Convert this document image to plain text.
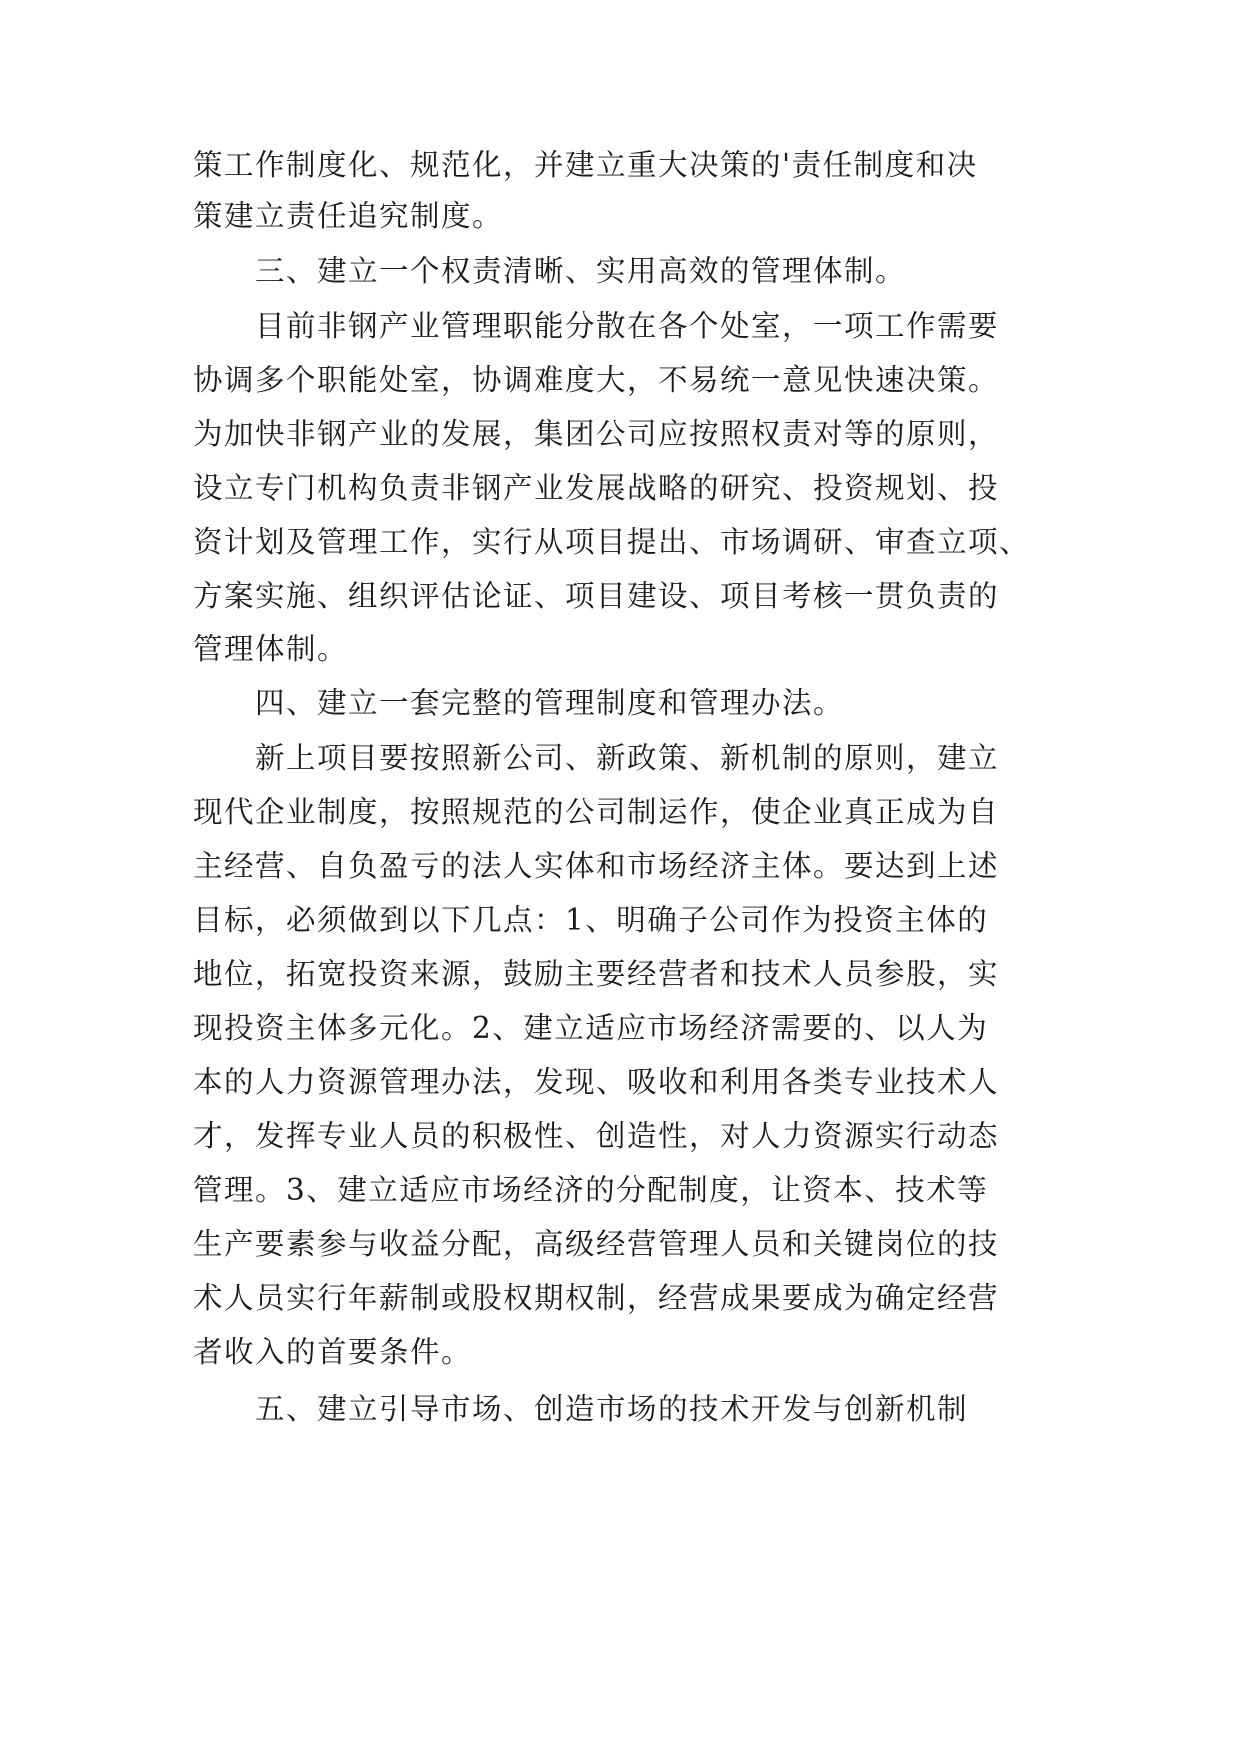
策工作制度化、规范化，并建立重大决策的'责任制度和决
策建立责任追究制度。
三、建立一个权责清晰、实用高效的管理体制。
目前非钢产业管理职能分散在各个处室，一项工作需要
协调多个职能处室，协调难度大，不易统一意见快速决策。
为加快非钢产业的发展，集团公司应按照权责对等的原则，
设立专门机构负责非钢产业发展战略的研究、投资规划、投
资计划及管理工作，实行从项目提出、市场调研、审查立项、
方案实施、组织评估论证、项目建设、项目考核一贯负责的
管理体制。
四、建立一套完整的管理制度和管理办法。
新上项目要按照新公司、新政策、新机制的原则，建立
现代企业制度，按照规范的公司制运作，使企业真正成为自
主经营、自负盈亏的法人实体和市场经济主体。要达到上述
目标，必须做到以下几点：1、明确子公司作为投资主体的
地位，拓宽投资来源，鼓励主要经营者和技术人员参股，实
现投资主体多元化。2、建立适应市场经济需要的、以人为
本的人力资源管理办法，发现、吸收和利用各类专业技术人
才，发挥专业人员的积极性、创造性，对人力资源实行动态
管理。3、建立适应市场经济的分配制度，让资本、技术等
生产要素参与收益分配，高级经营管理人员和关键岗位的技
术人员实行年薪制或股权期权制，经营成果要成为确定经营
者收入的首要条件。
五、建立引导市场、创造市场的技术开发与创新机制
